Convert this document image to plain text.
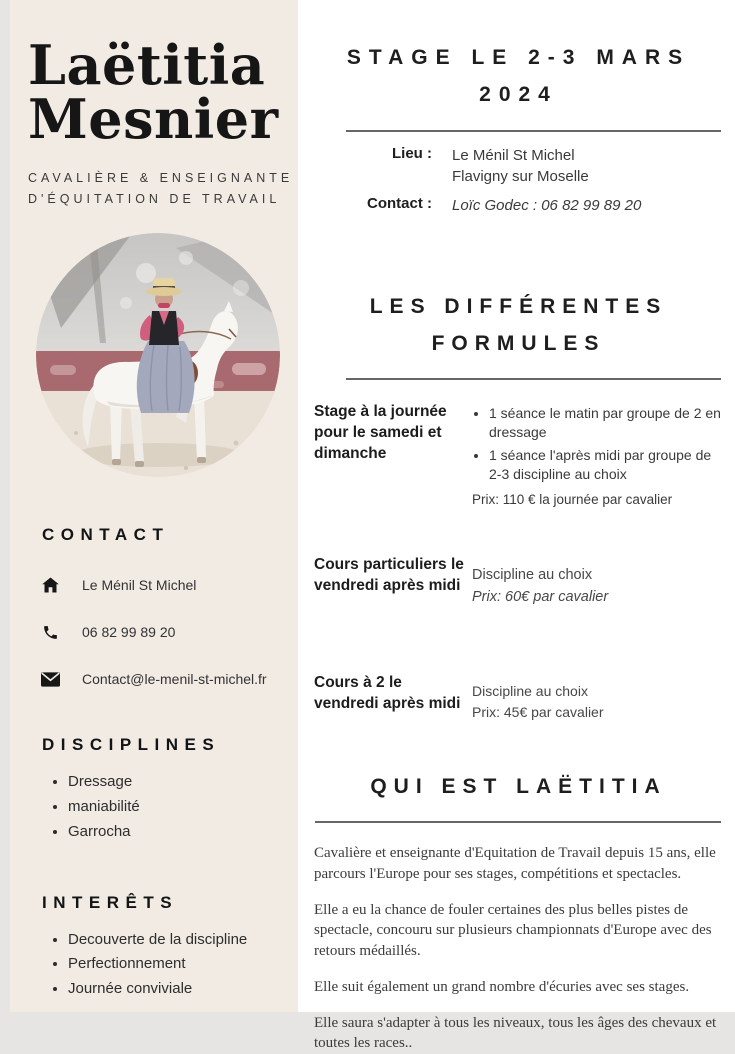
Laëtitia
Mesnier
CAVALIÈRE & ENSEIGNANTE
D'ÉQUITATION DE TRAVAIL
CONTACT
Le Ménil St Michel
06 82 99 89 20
Contact@le-menil-st-michel.fr
DISCIPLINES
• Dressage
• maniabilité
• Garrocha
INTERÊTS
• Decouverte de la discipline
• Perfectionnement
• Journée conviviale
STAGE LE 2-3 MARS 2024
Lieu : Le Ménil St Michel
Flavigny sur Moselle
Contact : Loïc Godec : 06 82 99 89 20
LES DIFFÉRENTES FORMULES
Stage à la journée pour le samedi et dimanche
• 1 séance le matin par groupe de 2 en dressage
• 1 séance l'après midi par groupe de 2-3 discipline au choix
Prix: 110 € la journée par cavalier
Cours particuliers le vendredi après midi
Discipline au choix
Prix: 60€ par cavalier
Cours à 2 le vendredi après midi
Discipline au choix
Prix: 45€ par cavalier
QUI EST LAËTITIA

Cavalière et enseignante d'Equitation de Travail depuis 15 ans, elle parcours l'Europe pour ses stages, compétitions et spectacles.

Elle a eu la chance de fouler certaines des plus belles pistes de spectacle, concouru sur plusieurs championnats d'Europe avec des retours médaillés.

Elle suit également un grand nombre d'écuries avec ses stages.

Elle saura s'adapter à tous les niveaux, tous les âges des chevaux et toutes les races..
